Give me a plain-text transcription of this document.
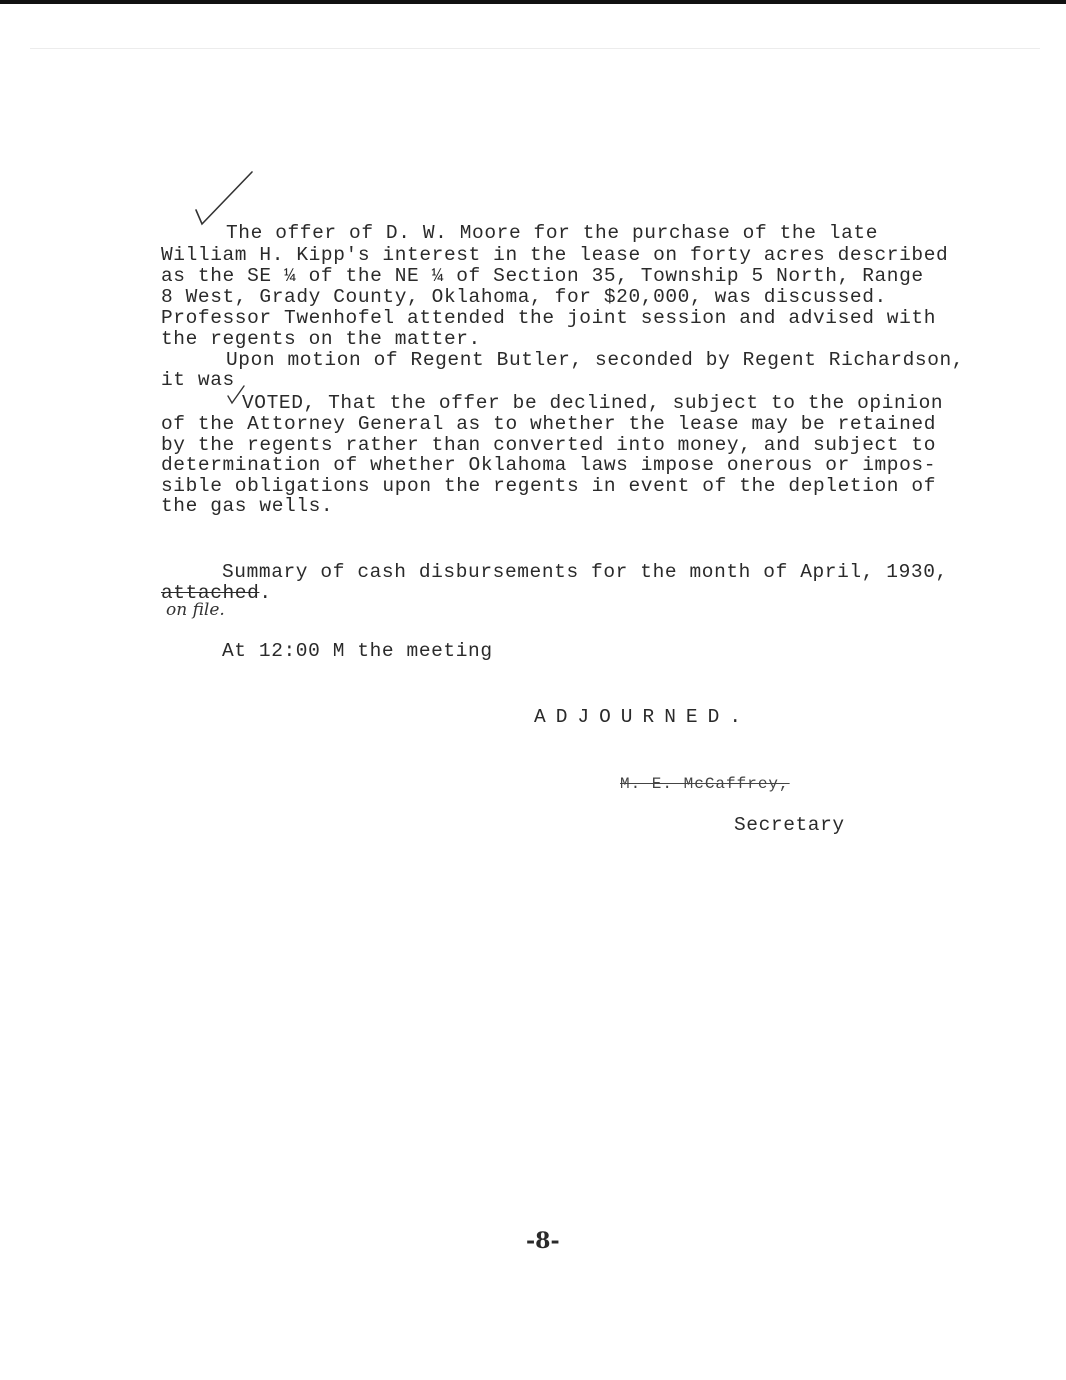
The offer of D. W. Moore for the purchase of the late
William H. Kipp's interest in the lease on forty acres described
as the SE ¼ of the NE ¼ of Section 35, Township 5 North, Range
8 West, Grady County, Oklahoma, for $20,000, was discussed.
Professor Twenhofel attended the joint session and advised with
the regents on the matter.
Upon motion of Regent Butler, seconded by Regent Richardson,
it was
VOTED, That the offer be declined, subject to the opinion
of the Attorney General as to whether the lease may be retained
by the regents rather than converted into money, and subject to
determination of whether Oklahoma laws impose onerous or impos-
sible obligations upon the regents in event of the depletion of
the gas wells.
Summary of cash disbursements for the month of April, 1930,
attached.
on file.
At 12:00 M the meeting
ADJOURNED.
M. E. McCaffrey,
Secretary
-8-
